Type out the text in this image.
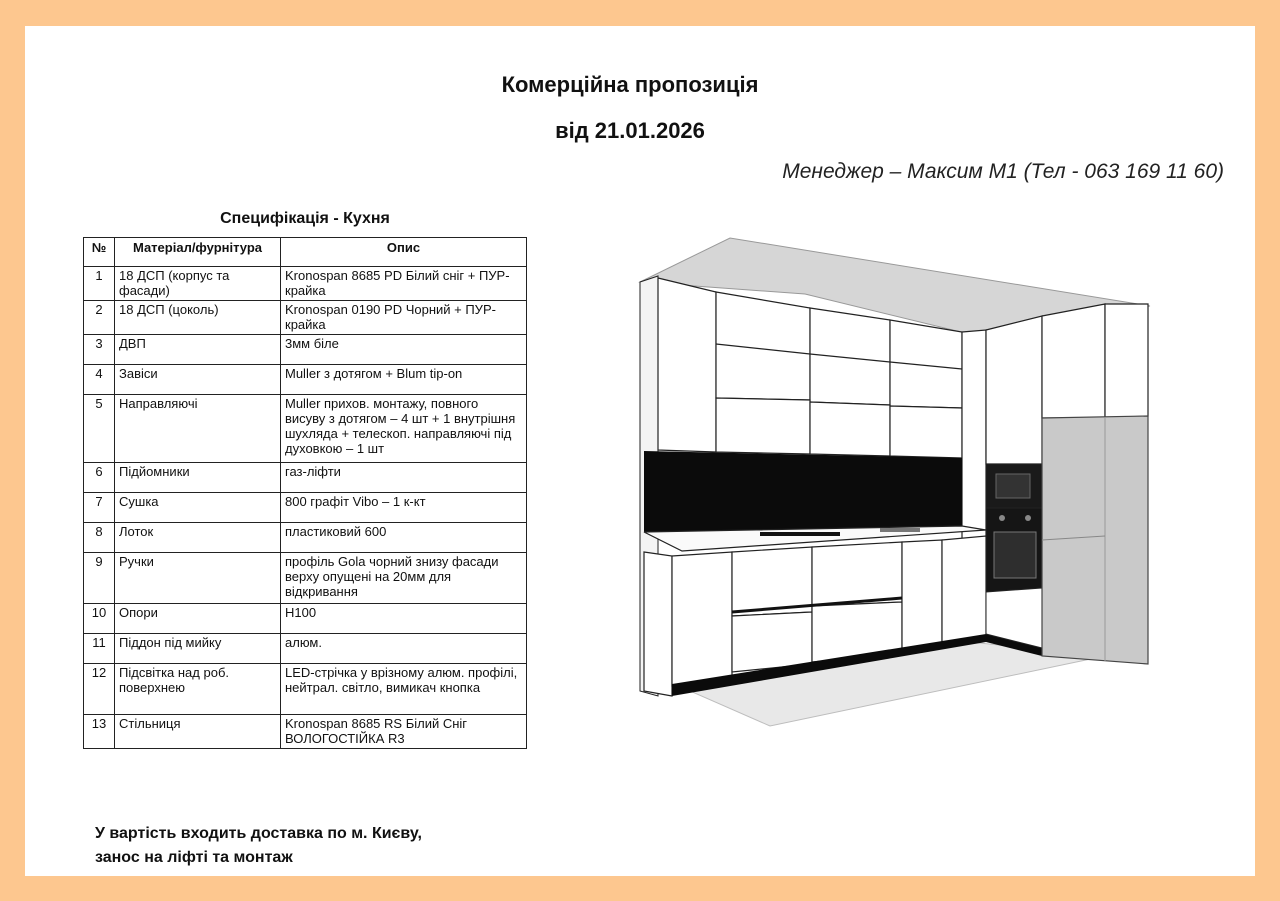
Комерційна пропозиція
від 21.01.2026
Менеджер – Максим М1 (Тел - 063 169 11 60)
Специфікація - Кухня
№	Матеріал/фурнітура	Опис
1	18 ДСП (корпус та фасади)	Kronospan 8685 PD Білий сніг + ПУР-крайка
2	18 ДСП (цоколь)	Kronospan 0190 PD Чорний + ПУР-крайка
3	ДВП	3мм біле
4	Завіси	Muller з дотягом + Blum tip-on
5	Направляючі	Muller прихов. монтажу, повного висуву з дотягом – 4 шт + 1 внутрішня шухляда + телескоп. направляючі під духовкою – 1 шт
6	Підйомники	газ-ліфти
7	Сушка	800 графіт Vibo – 1 к-кт
8	Лоток	пластиковий 600
9	Ручки	профіль Gola чорний знизу фасади верху опущені на 20мм для відкривання
10	Опори	Н100
11	Піддон під мийку	алюм.
12	Підсвітка над роб. поверхнею	LED-стрічка у врізному алюм. профілі, нейтрал. світло, вимикач кнопка
13	Стільниця	Kronospan 8685 RS Білий Сніг ВОЛОГОСТІЙКА R3
У вартість входить доставка по м. Києву,
занос на ліфті та монтаж
